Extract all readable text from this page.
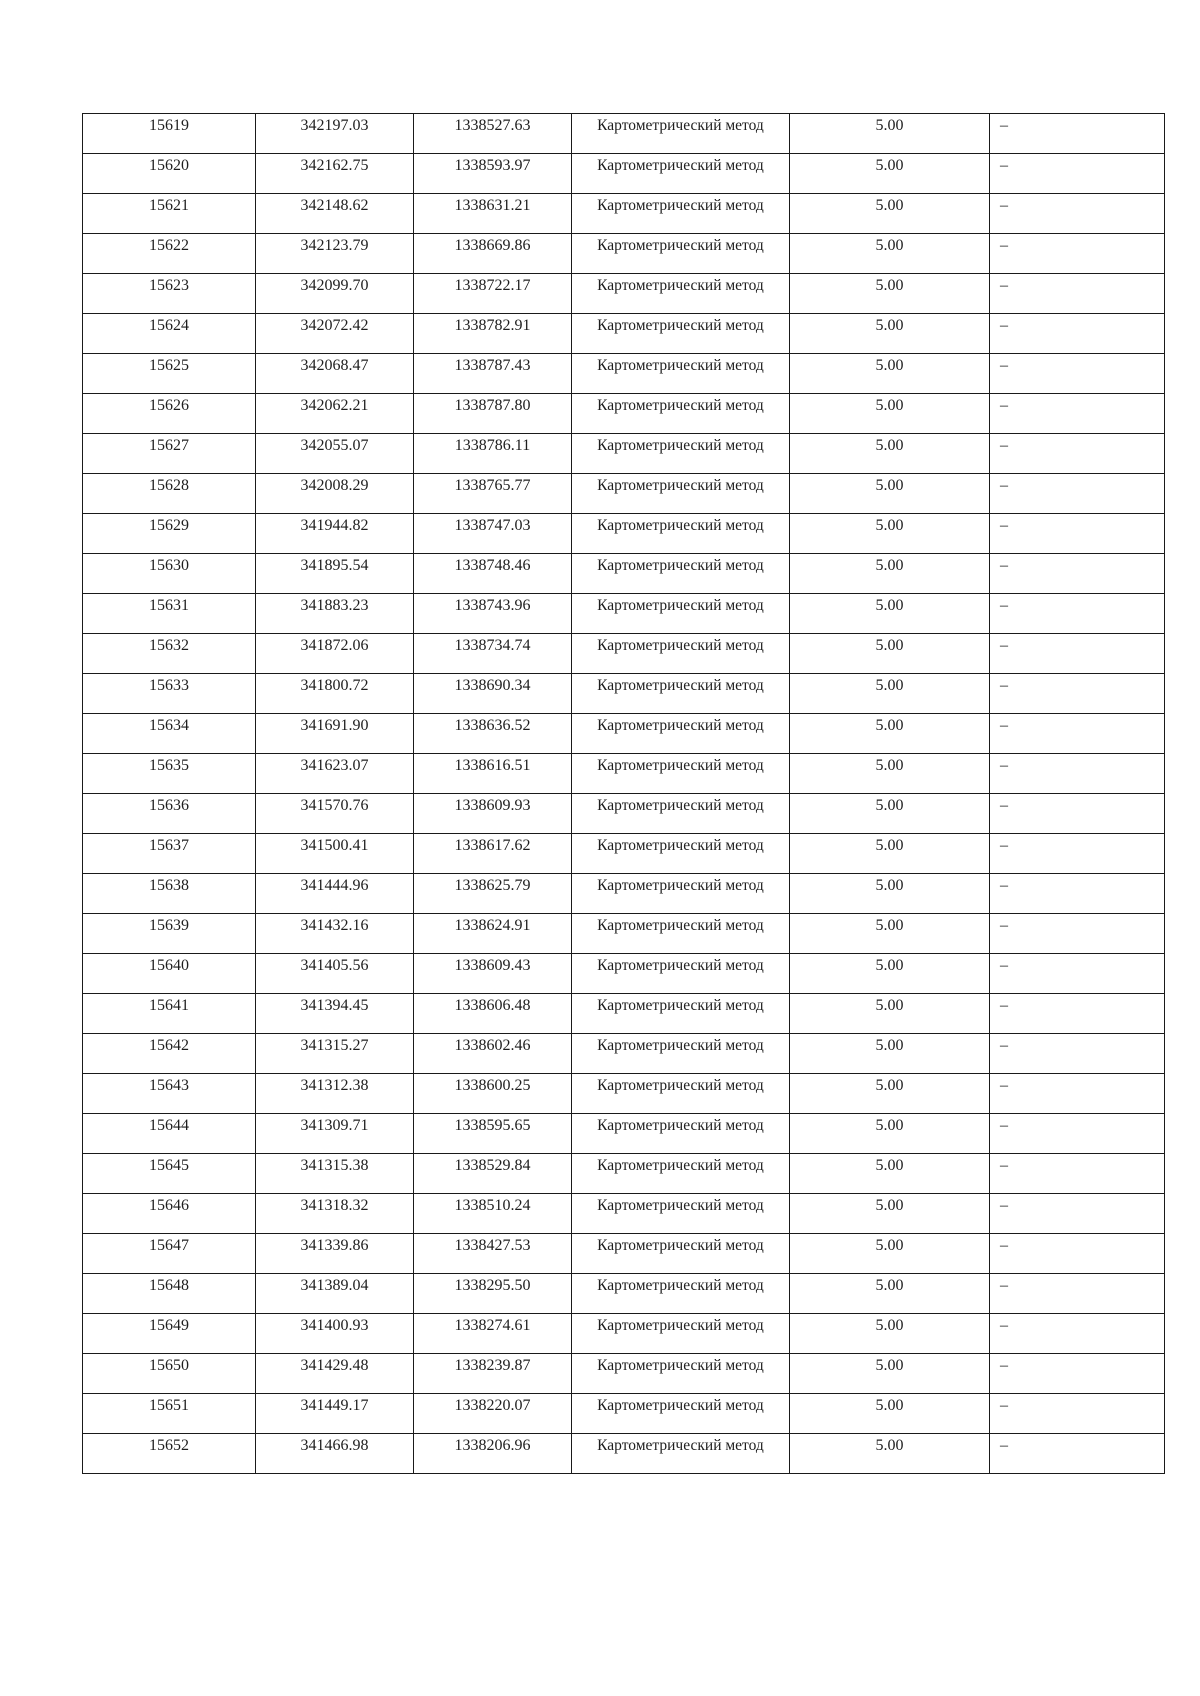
15619	342197.03	1338527.63	Картометрический метод	5.00	–
15620	342162.75	1338593.97	Картометрический метод	5.00	–
15621	342148.62	1338631.21	Картометрический метод	5.00	–
15622	342123.79	1338669.86	Картометрический метод	5.00	–
15623	342099.70	1338722.17	Картометрический метод	5.00	–
15624	342072.42	1338782.91	Картометрический метод	5.00	–
15625	342068.47	1338787.43	Картометрический метод	5.00	–
15626	342062.21	1338787.80	Картометрический метод	5.00	–
15627	342055.07	1338786.11	Картометрический метод	5.00	–
15628	342008.29	1338765.77	Картометрический метод	5.00	–
15629	341944.82	1338747.03	Картометрический метод	5.00	–
15630	341895.54	1338748.46	Картометрический метод	5.00	–
15631	341883.23	1338743.96	Картометрический метод	5.00	–
15632	341872.06	1338734.74	Картометрический метод	5.00	–
15633	341800.72	1338690.34	Картометрический метод	5.00	–
15634	341691.90	1338636.52	Картометрический метод	5.00	–
15635	341623.07	1338616.51	Картометрический метод	5.00	–
15636	341570.76	1338609.93	Картометрический метод	5.00	–
15637	341500.41	1338617.62	Картометрический метод	5.00	–
15638	341444.96	1338625.79	Картометрический метод	5.00	–
15639	341432.16	1338624.91	Картометрический метод	5.00	–
15640	341405.56	1338609.43	Картометрический метод	5.00	–
15641	341394.45	1338606.48	Картометрический метод	5.00	–
15642	341315.27	1338602.46	Картометрический метод	5.00	–
15643	341312.38	1338600.25	Картометрический метод	5.00	–
15644	341309.71	1338595.65	Картометрический метод	5.00	–
15645	341315.38	1338529.84	Картометрический метод	5.00	–
15646	341318.32	1338510.24	Картометрический метод	5.00	–
15647	341339.86	1338427.53	Картометрический метод	5.00	–
15648	341389.04	1338295.50	Картометрический метод	5.00	–
15649	341400.93	1338274.61	Картометрический метод	5.00	–
15650	341429.48	1338239.87	Картометрический метод	5.00	–
15651	341449.17	1338220.07	Картометрический метод	5.00	–
15652	341466.98	1338206.96	Картометрический метод	5.00	–
